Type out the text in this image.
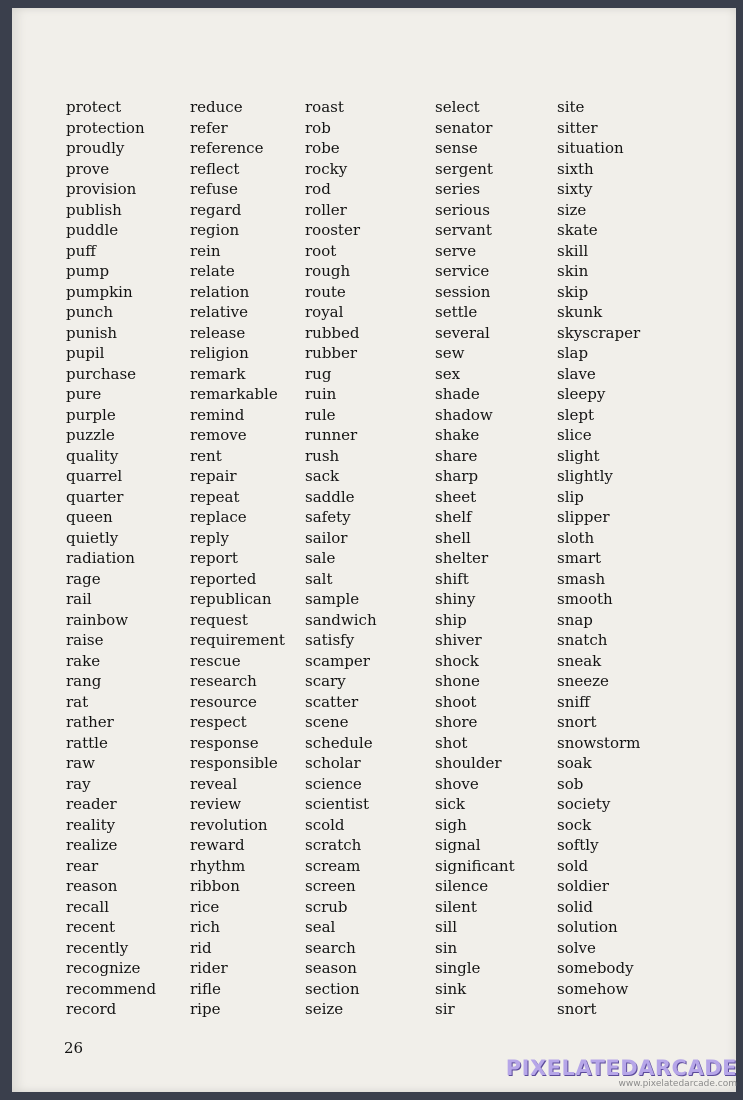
protect
protection
proudly
prove
provision
publish
puddle
puff
pump
pumpkin
punch
punish
pupil
purchase
pure
purple
puzzle
quality
quarrel
quarter
queen
quietly
radiation
rage
rail
rainbow
raise
rake
rang
rat
rather
rattle
raw
ray
reader
reality
realize
rear
reason
recall
recent
recently
recognize
recommend
record
reduce
refer
reference
reflect
refuse
regard
region
rein
relate
relation
relative
release
religion
remark
remarkable
remind
remove
rent
repair
repeat
replace
reply
report
reported
republican
request
requirement
rescue
research
resource
respect
response
responsible
reveal
review
revolution
reward
rhythm
ribbon
rice
rich
rid
rider
rifle
ripe
roast
rob
robe
rocky
rod
roller
rooster
root
rough
route
royal
rubbed
rubber
rug
ruin
rule
runner
rush
sack
saddle
safety
sailor
sale
salt
sample
sandwich
satisfy
scamper
scary
scatter
scene
schedule
scholar
science
scientist
scold
scratch
scream
screen
scrub
seal
search
season
section
seize
select
senator
sense
sergent
series
serious
servant
serve
service
session
settle
several
sew
sex
shade
shadow
shake
share
sharp
sheet
shelf
shell
shelter
shift
shiny
ship
shiver
shock
shone
shoot
shore
shot
shoulder
shove
sick
sigh
signal
significant
silence
silent
sill
sin
single
sink
sir
site
sitter
situation
sixth
sixty
size
skate
skill
skin
skip
skunk
skyscraper
slap
slave
sleepy
slept
slice
slight
slightly
slip
slipper
sloth
smart
smash
smooth
snap
snatch
sneak
sneeze
sniff
snort
snowstorm
soak
sob
society
sock
softly
sold
soldier
solid
solution
solve
somebody
somehow
snort
26
PIXELATEDARCADE
www.pixelatedarcade.com
